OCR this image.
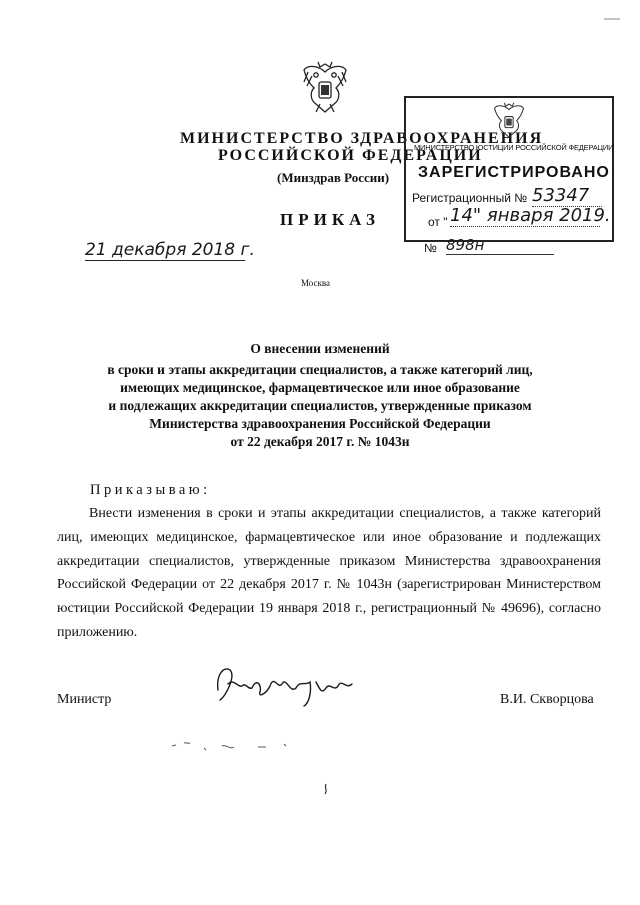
МИНИСТЕРСТВО ЗДРАВООХРАНЕНИЯ
РОССИЙСКОЙ ФЕДЕРАЦИИ
(Минздрав России)
ПРИКАЗ
21 декабря 2018 г.
Москва
МИНИСТЕРСТВО ЮСТИЦИИ РОССИЙСКОЙ ФЕДЕРАЦИИ
ЗАРЕГИСТРИРОВАНО
Регистрационный № 53347
от " 14" января 2019.
№ 898н
О внесении изменений
в сроки и этапы аккредитации специалистов, а также категорий лиц,
имеющих медицинское, фармацевтическое или иное образование
и подлежащих аккредитации специалистов, утвержденные приказом
Министерства здравоохранения Российской Федерации
от 22 декабря 2017 г. № 1043н
Приказываю:
Внести изменения в сроки и этапы аккредитации специалистов, а также категорий лиц, имеющих медицинское, фармацевтическое или иное образование и подлежащих аккредитации специалистов, утвержденные приказом Министерства здравоохранения Российской Федерации от 22 декабря 2017 г. № 1043н (зарегистрирован Министерством юстиции Российской Федерации 19 января 2018 г., регистрационный № 49696), согласно приложению.
Министр	В.И. Скворцова
